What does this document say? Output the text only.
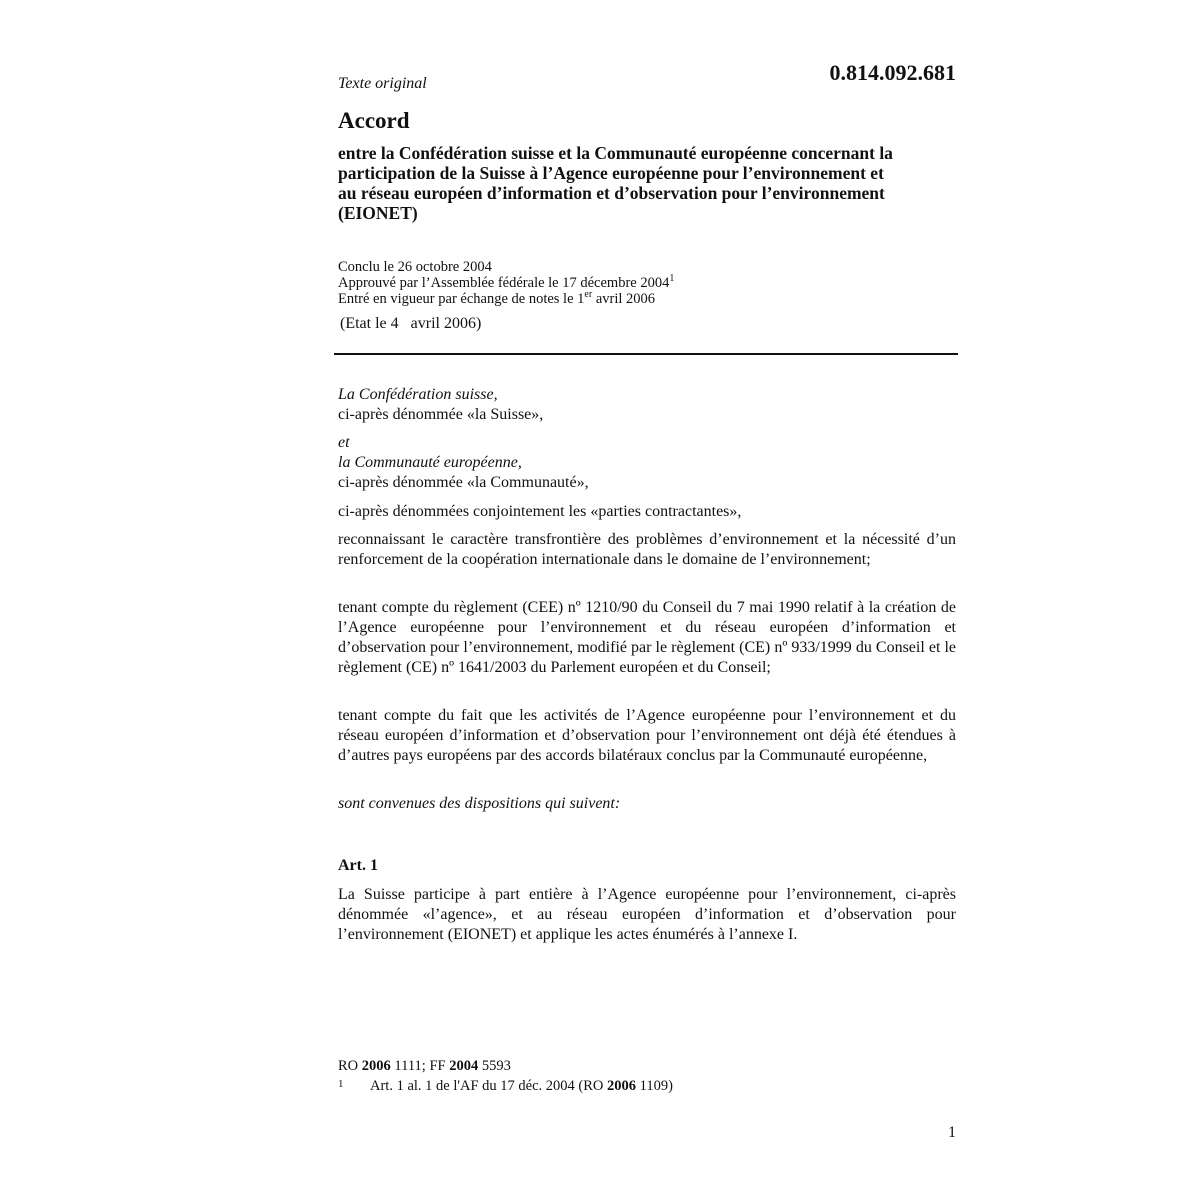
0.814.092.681
Texte original
Accord
entre la Confédération suisse et la Communauté européenne concernant la participation de la Suisse à l’Agence européenne pour l’environnement et au réseau européen d’information et d’observation pour l’environnement (EIONET)
Conclu le 26 octobre 2004
Approuvé par l’Assemblée fédérale le 17 décembre 2004$^1$
Entré en vigueur par échange de notes le 1er avril 2006
(Etat le 4   avril 2006)
La Confédération suisse,
ci-après dénommée «la Suisse»,
et
la Communauté européenne,
ci-après dénommée «la Communauté»,
ci-après dénommées conjointement les «parties contractantes»,
reconnaissant le caractère transfrontière des problèmes d’environnement et la nécessité d’un renforcement de la coopération internationale dans le domaine de l’environnement;
tenant compte du règlement (CEE) nº 1210/90 du Conseil du 7 mai 1990 relatif à la création de l’Agence européenne pour l’environnement et du réseau européen d’information et d’observation pour l’environnement, modifié par le règlement (CE) nº 933/1999 du Conseil et le règlement (CE) nº 1641/2003 du Parlement européen et du Conseil;
tenant compte du fait que les activités de l’Agence européenne pour l’environnement et du réseau européen d’information et d’observation pour l’environnement ont déjà été étendues à d’autres pays européens par des accords bilatéraux conclus par la Communauté européenne,
sont convenues des dispositions qui suivent:
Art. 1
La Suisse participe à part entière à l’Agence européenne pour l’environnement, ci-après dénommée «l’agence», et au réseau européen d’information et d’observation pour l’environnement (EIONET) et applique les actes énumérés à l’annexe I.
RO 2006 1111; FF 2004 5593
1 Art. 1 al. 1 de l'AF du 17 déc. 2004 (RO 2006 1109)
1
